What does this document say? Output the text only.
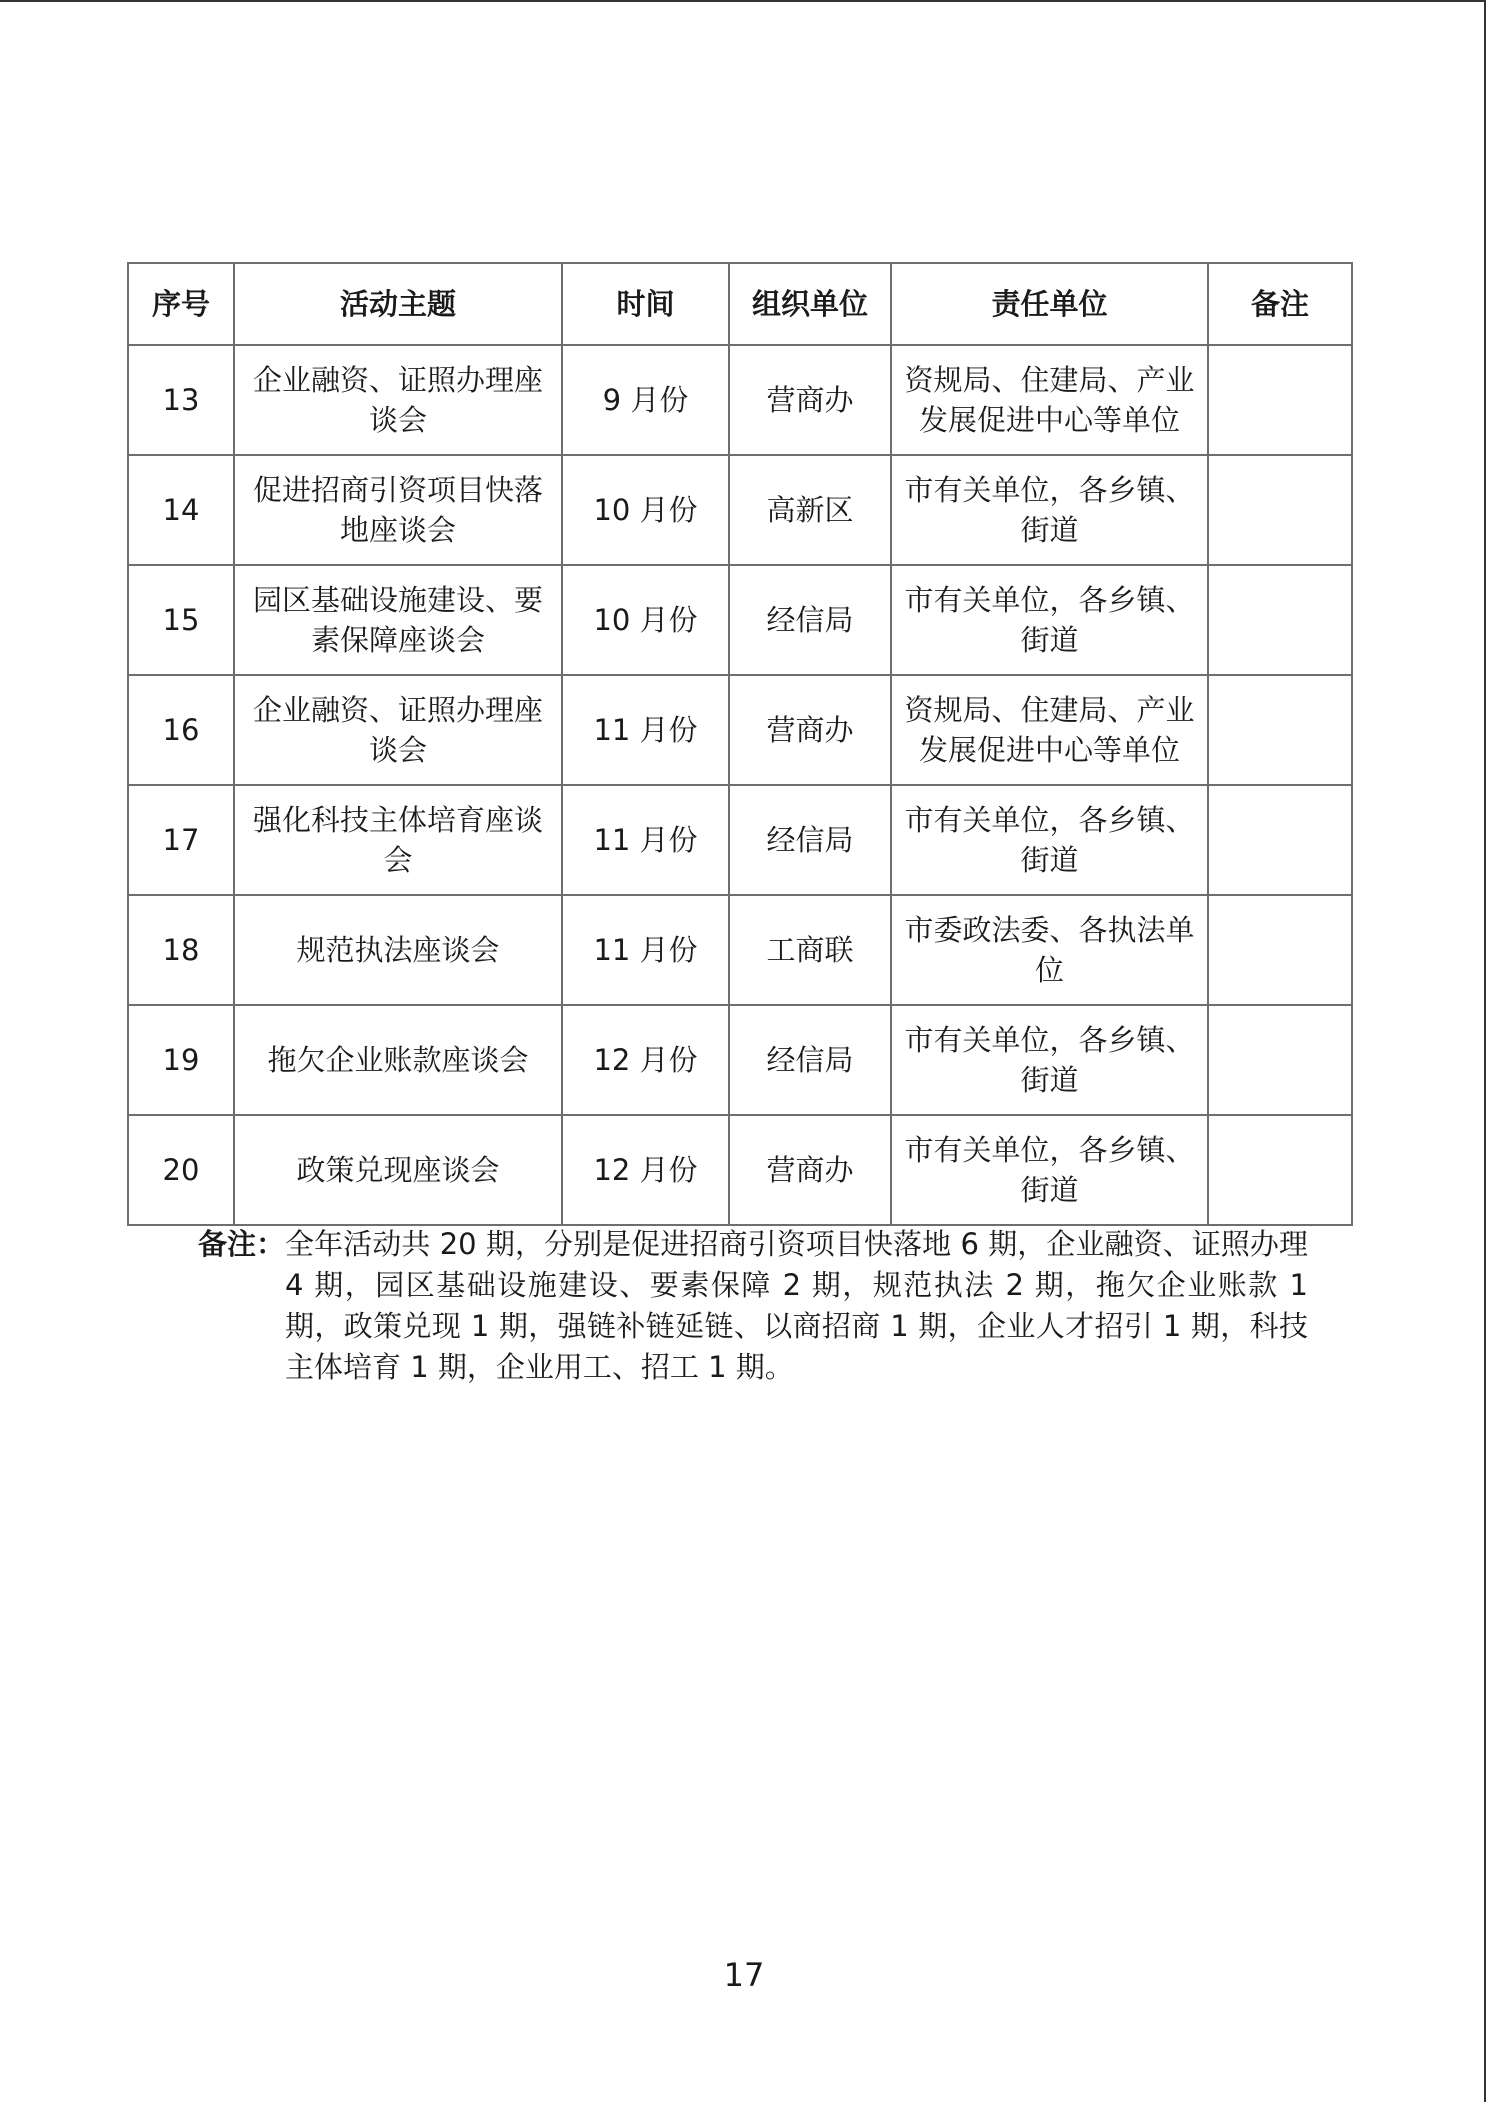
序号	活动主题	时间	组织单位	责任单位	备注
13	企业融资、证照办理座谈会	9 月份	营商办	资规局、住建局、产业发展促进中心等单位	
14	促进招商引资项目快落地座谈会	10 月份	高新区	市有关单位，各乡镇、街道	
15	园区基础设施建设、要素保障座谈会	10 月份	经信局	市有关单位，各乡镇、街道	
16	企业融资、证照办理座谈会	11 月份	营商办	资规局、住建局、产业发展促进中心等单位	
17	强化科技主体培育座谈会	11 月份	经信局	市有关单位，各乡镇、街道	
18	规范执法座谈会	11 月份	工商联	市委政法委、各执法单位	
19	拖欠企业账款座谈会	12 月份	经信局	市有关单位，各乡镇、街道	
20	政策兑现座谈会	12 月份	营商办	市有关单位，各乡镇、街道	
备注： 全年活动共 20 期，分别是促进招商引资项目快落地 6 期，企业融资、证照办理 4 期，园区基础设施建设、要素保障 2 期，规范执法 2 期，拖欠企业账款 1 期，政策兑现 1 期，强链补链延链、以商招商 1 期，企业人才招引 1 期，科技主体培育 1 期，企业用工、招工 1 期。
17
